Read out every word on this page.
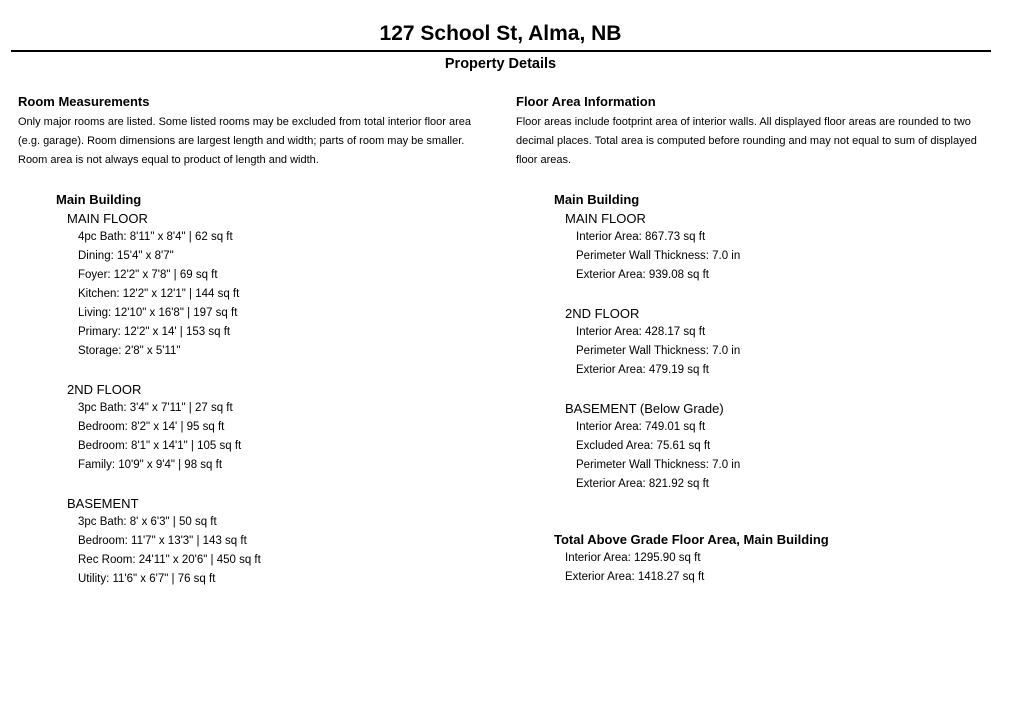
127 School St, Alma, NB
Property Details
Room Measurements
Only major rooms are listed. Some listed rooms may be excluded from total interior floor area (e.g. garage). Room dimensions are largest length and width; parts of room may be smaller. Room area is not always equal to product of length and width.
Main Building
MAIN FLOOR
4pc Bath: 8'11" x 8'4" | 62 sq ft
Dining: 15'4" x 8'7"
Foyer: 12'2" x 7'8" | 69 sq ft
Kitchen: 12'2" x 12'1" | 144 sq ft
Living: 12'10" x 16'8" | 197 sq ft
Primary: 12'2" x 14' | 153 sq ft
Storage: 2'8" x 5'11"
2ND FLOOR
3pc Bath: 3'4" x 7'11" | 27 sq ft
Bedroom: 8'2" x 14' | 95 sq ft
Bedroom: 8'1" x 14'1" | 105 sq ft
Family: 10'9" x 9'4" | 98 sq ft
BASEMENT
3pc Bath: 8' x 6'3" | 50 sq ft
Bedroom: 11'7" x 13'3" | 143 sq ft
Rec Room: 24'11" x 20'6" | 450 sq ft
Utility: 11'6" x 6'7" | 76 sq ft
Floor Area Information
Floor areas include footprint area of interior walls. All displayed floor areas are rounded to two decimal places. Total area is computed before rounding and may not equal to sum of displayed floor areas.
Main Building
MAIN FLOOR
Interior Area: 867.73 sq ft
Perimeter Wall Thickness: 7.0 in
Exterior Area: 939.08 sq ft
2ND FLOOR
Interior Area: 428.17 sq ft
Perimeter Wall Thickness: 7.0 in
Exterior Area: 479.19 sq ft
BASEMENT (Below Grade)
Interior Area: 749.01 sq ft
Excluded Area: 75.61 sq ft
Perimeter Wall Thickness: 7.0 in
Exterior Area: 821.92 sq ft
Total Above Grade Floor Area, Main Building
Interior Area: 1295.90 sq ft
Exterior Area: 1418.27 sq ft
